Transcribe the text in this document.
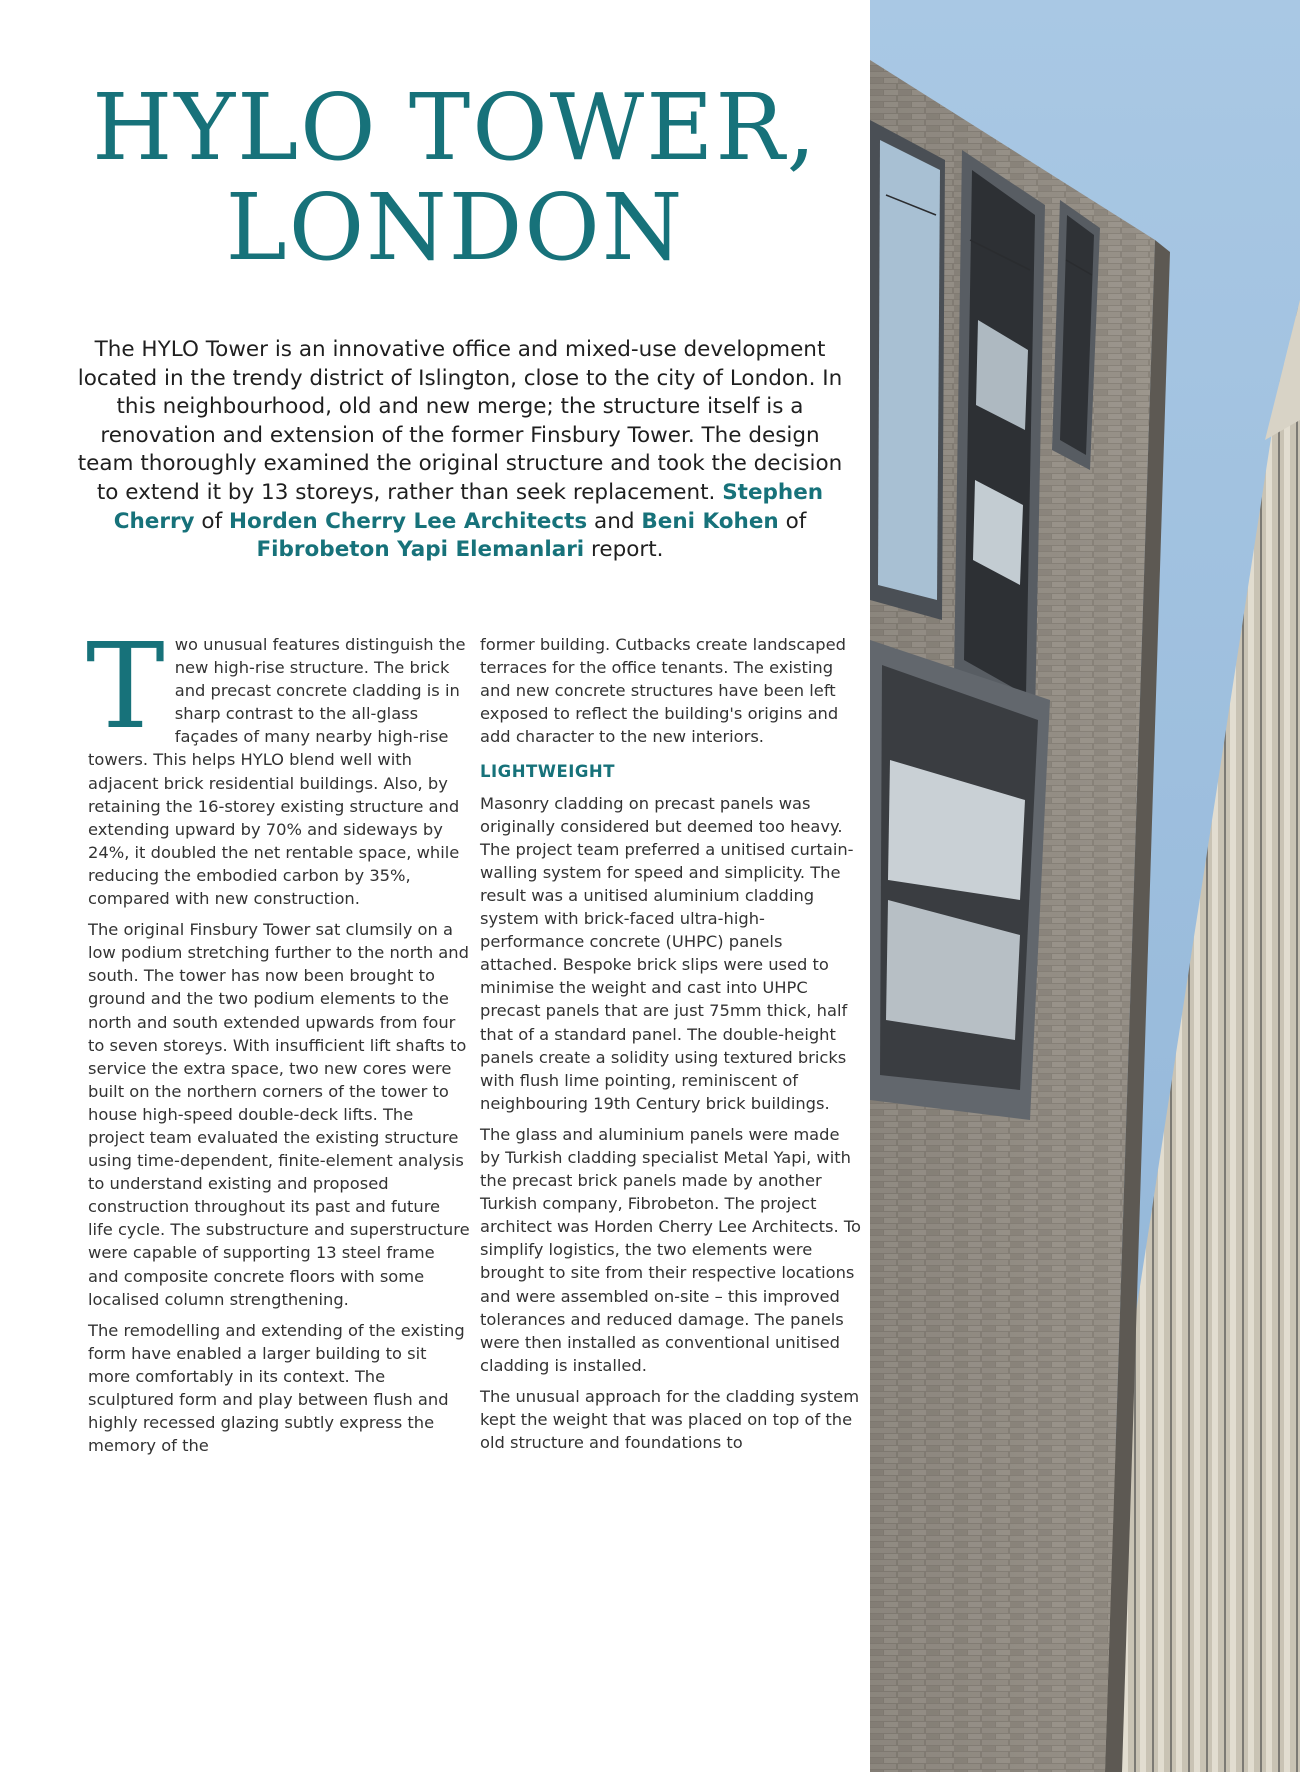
HYLO TOWER,
LONDON

The HYLO Tower is an innovative office and mixed-use development located in the trendy district of Islington, close to the city of London. In this neighbourhood, old and new merge; the structure itself is a renovation and extension of the former Finsbury Tower. The design team thoroughly examined the original structure and took the decision to extend it by 13 storeys, rather than seek replacement. Stephen Cherry of Horden Cherry Lee Architects and Beni Kohen of Fibrobeton Yapi Elemanlari report.

Two unusual features distinguish the new high-rise structure. The brick and precast concrete cladding is in sharp contrast to the all-glass façades of many nearby high-rise towers. This helps HYLO blend well with adjacent brick residential buildings. Also, by retaining the 16-storey existing structure and extending upward by 70% and sideways by 24%, it doubled the net rentable space, while reducing the embodied carbon by 35%, compared with new construction.

The original Finsbury Tower sat clumsily on a low podium stretching further to the north and south. The tower has now been brought to ground and the two podium elements to the north and south extended upwards from four to seven storeys. With insufficient lift shafts to service the extra space, two new cores were built on the northern corners of the tower to house high-speed double-deck lifts. The project team evaluated the existing structure using time-dependent, finite-element analysis to understand existing and proposed construction throughout its past and future life cycle. The substructure and superstructure were capable of supporting 13 steel frame and composite concrete floors with some localised column strengthening.

The remodelling and extending of the existing form have enabled a larger building to sit more comfortably in its context. The sculptured form and play between flush and highly recessed glazing subtly express the memory of the

former building. Cutbacks create landscaped terraces for the office tenants. The existing and new concrete structures have been left exposed to reflect the building's origins and add character to the new interiors.

LIGHTWEIGHT

Masonry cladding on precast panels was originally considered but deemed too heavy. The project team preferred a unitised curtain-walling system for speed and simplicity. The result was a unitised aluminium cladding system with brick-faced ultra-high-performance concrete (UHPC) panels attached. Bespoke brick slips were used to minimise the weight and cast into UHPC precast panels that are just 75mm thick, half that of a standard panel. The double-height panels create a solidity using textured bricks with flush lime pointing, reminiscent of neighbouring 19th Century brick buildings.

The glass and aluminium panels were made by Turkish cladding specialist Metal Yapi, with the precast brick panels made by another Turkish company, Fibrobeton. The project architect was Horden Cherry Lee Architects. To simplify logistics, the two elements were brought to site from their respective locations and were assembled on-site – this improved tolerances and reduced damage. The panels were then installed as conventional unitised cladding is installed.

The unusual approach for the cladding system kept the weight that was placed on top of the old structure and foundations to
